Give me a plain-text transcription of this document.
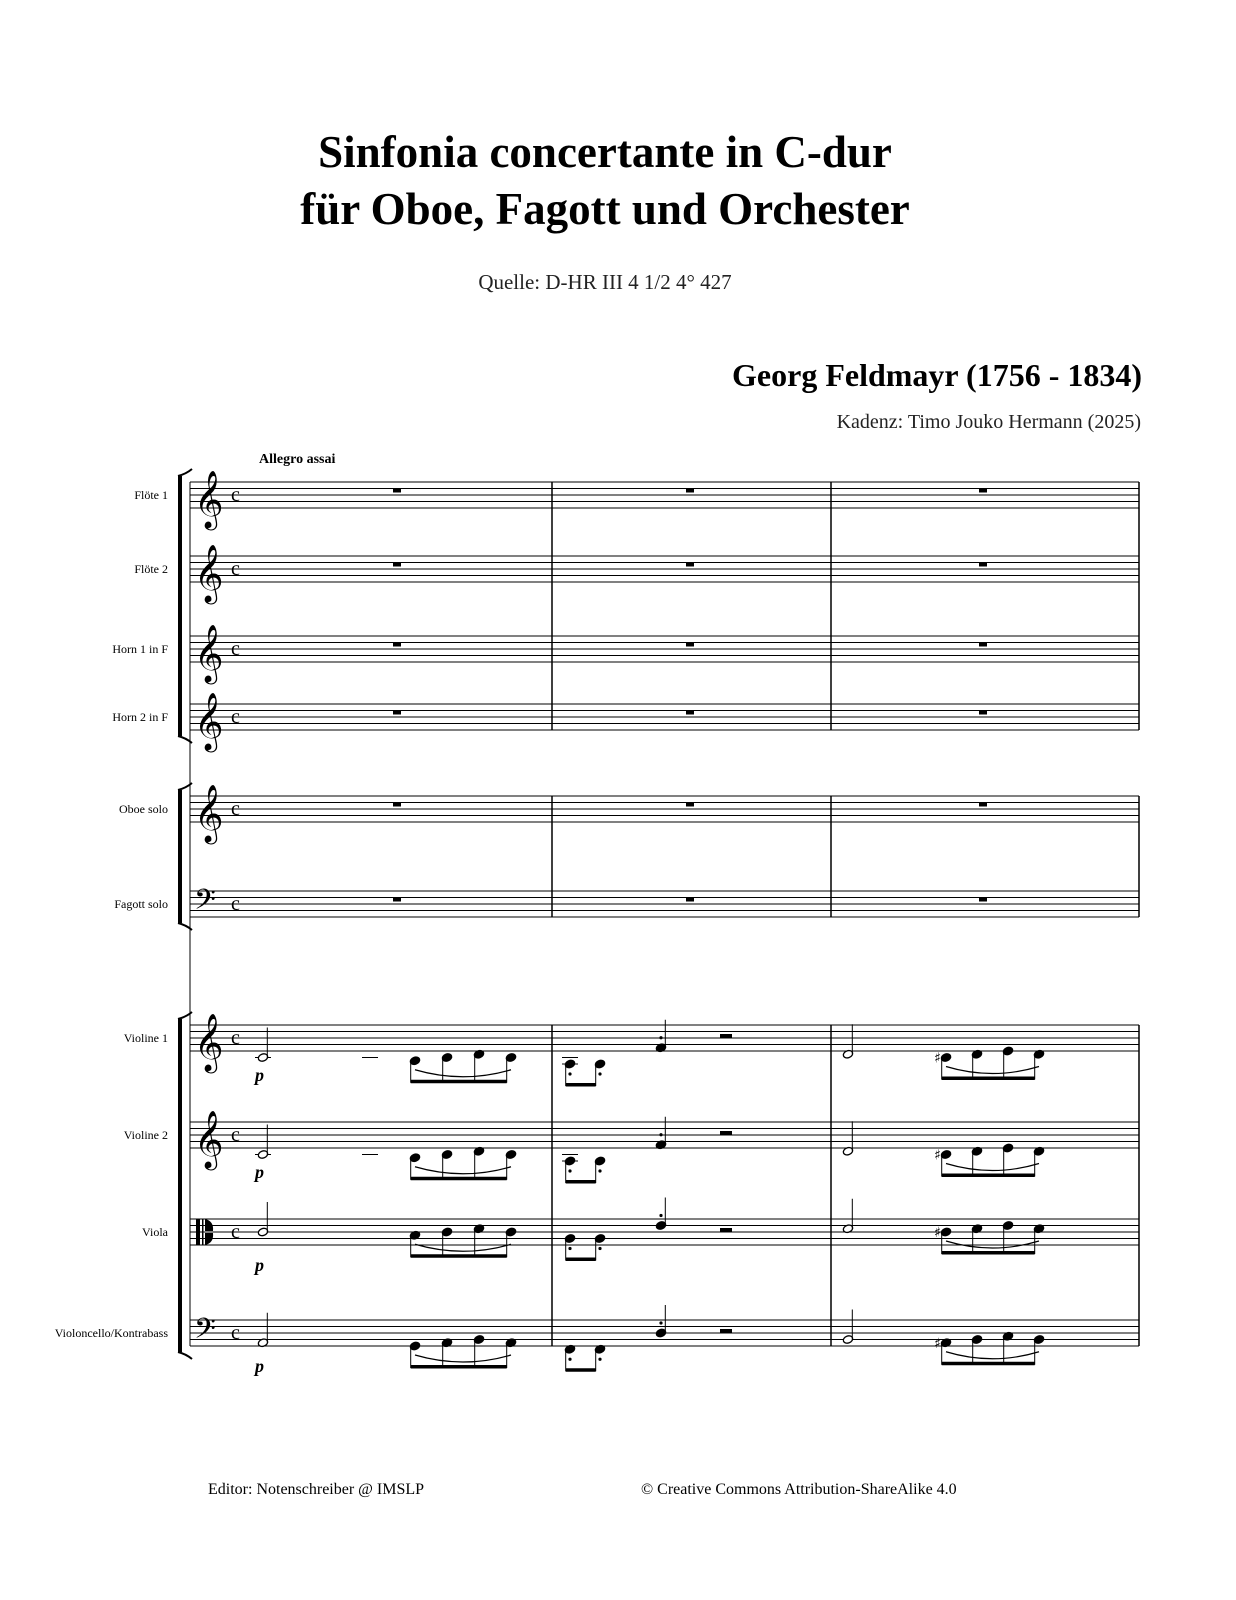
Sinfonia concertante in C-dur
für Oboe, Fagott und Orchester
Quelle: D-HR III 4 1/2 4° 427
Georg Feldmayr (1756 - 1834)
Kadenz: Timo Jouko Hermann (2025)
Allegro assai
Flöte 1 𝄞 c
Flöte 2 𝄞 c
Horn 1 in F 𝄞 c
Horn 2 in F 𝄞 c
Oboe solo 𝄞 c
Fagott solo 𝄢 c
Violine 1 𝄞 c
Violine 2 𝄞 c
Viola	c
Violoncello/Kontrabass 𝄢 c
p
♯
p
♯
p
♯
p
♯
Editor: Notenschreiber @ IMSLP	© Creative Commons Attribution-ShareAlike 4.0
